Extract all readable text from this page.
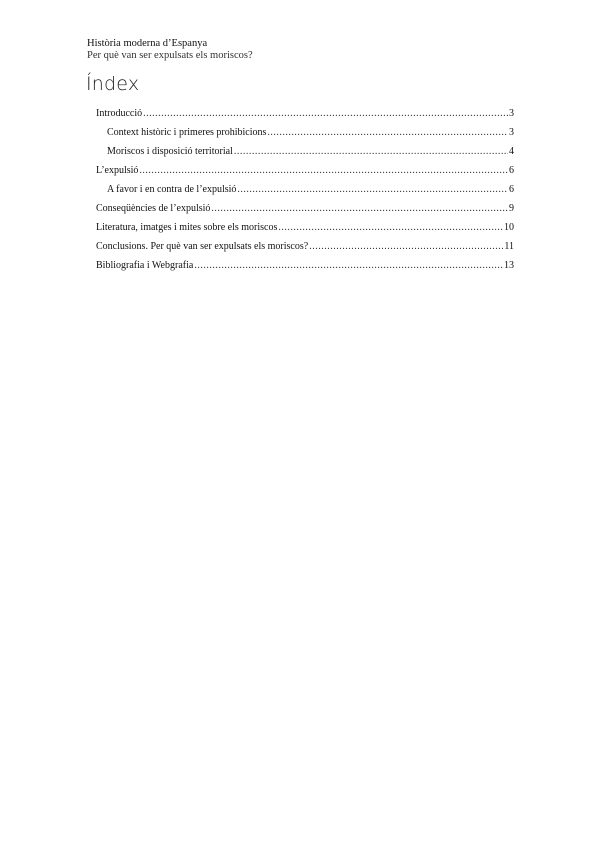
Història moderna d’Espanya
Per què van ser expulsats els moriscos?
Índex
Introducció .....	3
Context històric i primeres prohibicions .....	3
Moriscos i disposició territorial .....	4
L’expulsió .....	6
A favor i en contra de l’expulsió .....	6
Conseqüències de l’expulsió .....	9
Literatura, imatges i mites sobre els moriscos .....	10
Conclusions. Per què van ser expulsats els moriscos? .....	11
Bibliografia i Webgrafia .....	13
